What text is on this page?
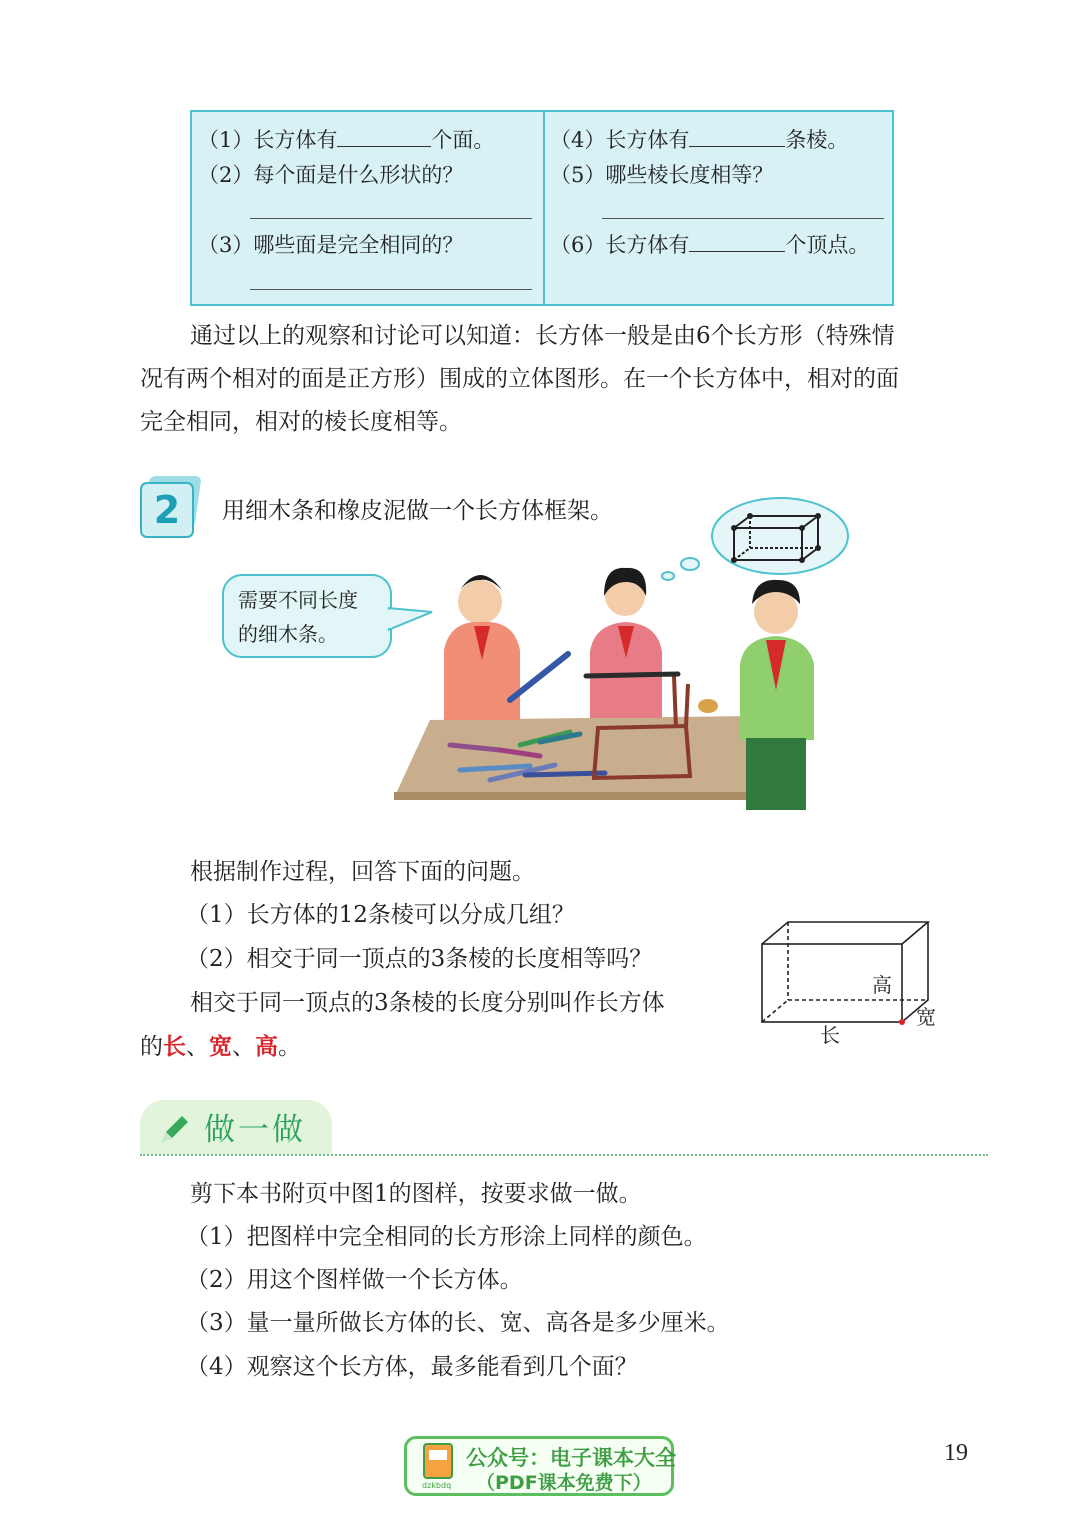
（1）长方体有	个面。
（2）每个面是什么形状的？
（3）哪些面是完全相同的？
（4）长方体有	条棱。
（5）哪些棱长度相等？
（6）长方体有	个顶点。
通过以上的观察和讨论可以知道：长方体一般是由6个长方形（特殊情
况有两个相对的面是正方形）围成的立体图形。在一个长方体中，相对的面
完全相同，相对的棱长度相等。
2	用细木条和橡皮泥做一个长方体框架。
需要不同长度
的细木条。
根据制作过程，回答下面的问题。
（1）长方体的12条棱可以分成几组？
（2）相交于同一顶点的3条棱的长度相等吗？
相交于同一顶点的3条棱的长度分别叫作长方体
的长、宽、高。
高
宽
长
做一做
剪下本书附页中图1的图样，按要求做一做。
（1）把图样中完全相同的长方形涂上同样的颜色。
（2）用这个图样做一个长方体。
（3）量一量所做长方体的长、宽、高各是多少厘米。
（4）观察这个长方体，最多能看到几个面？
dzkbdq
公众号：电子课本大全
（PDF课本免费下）
19
